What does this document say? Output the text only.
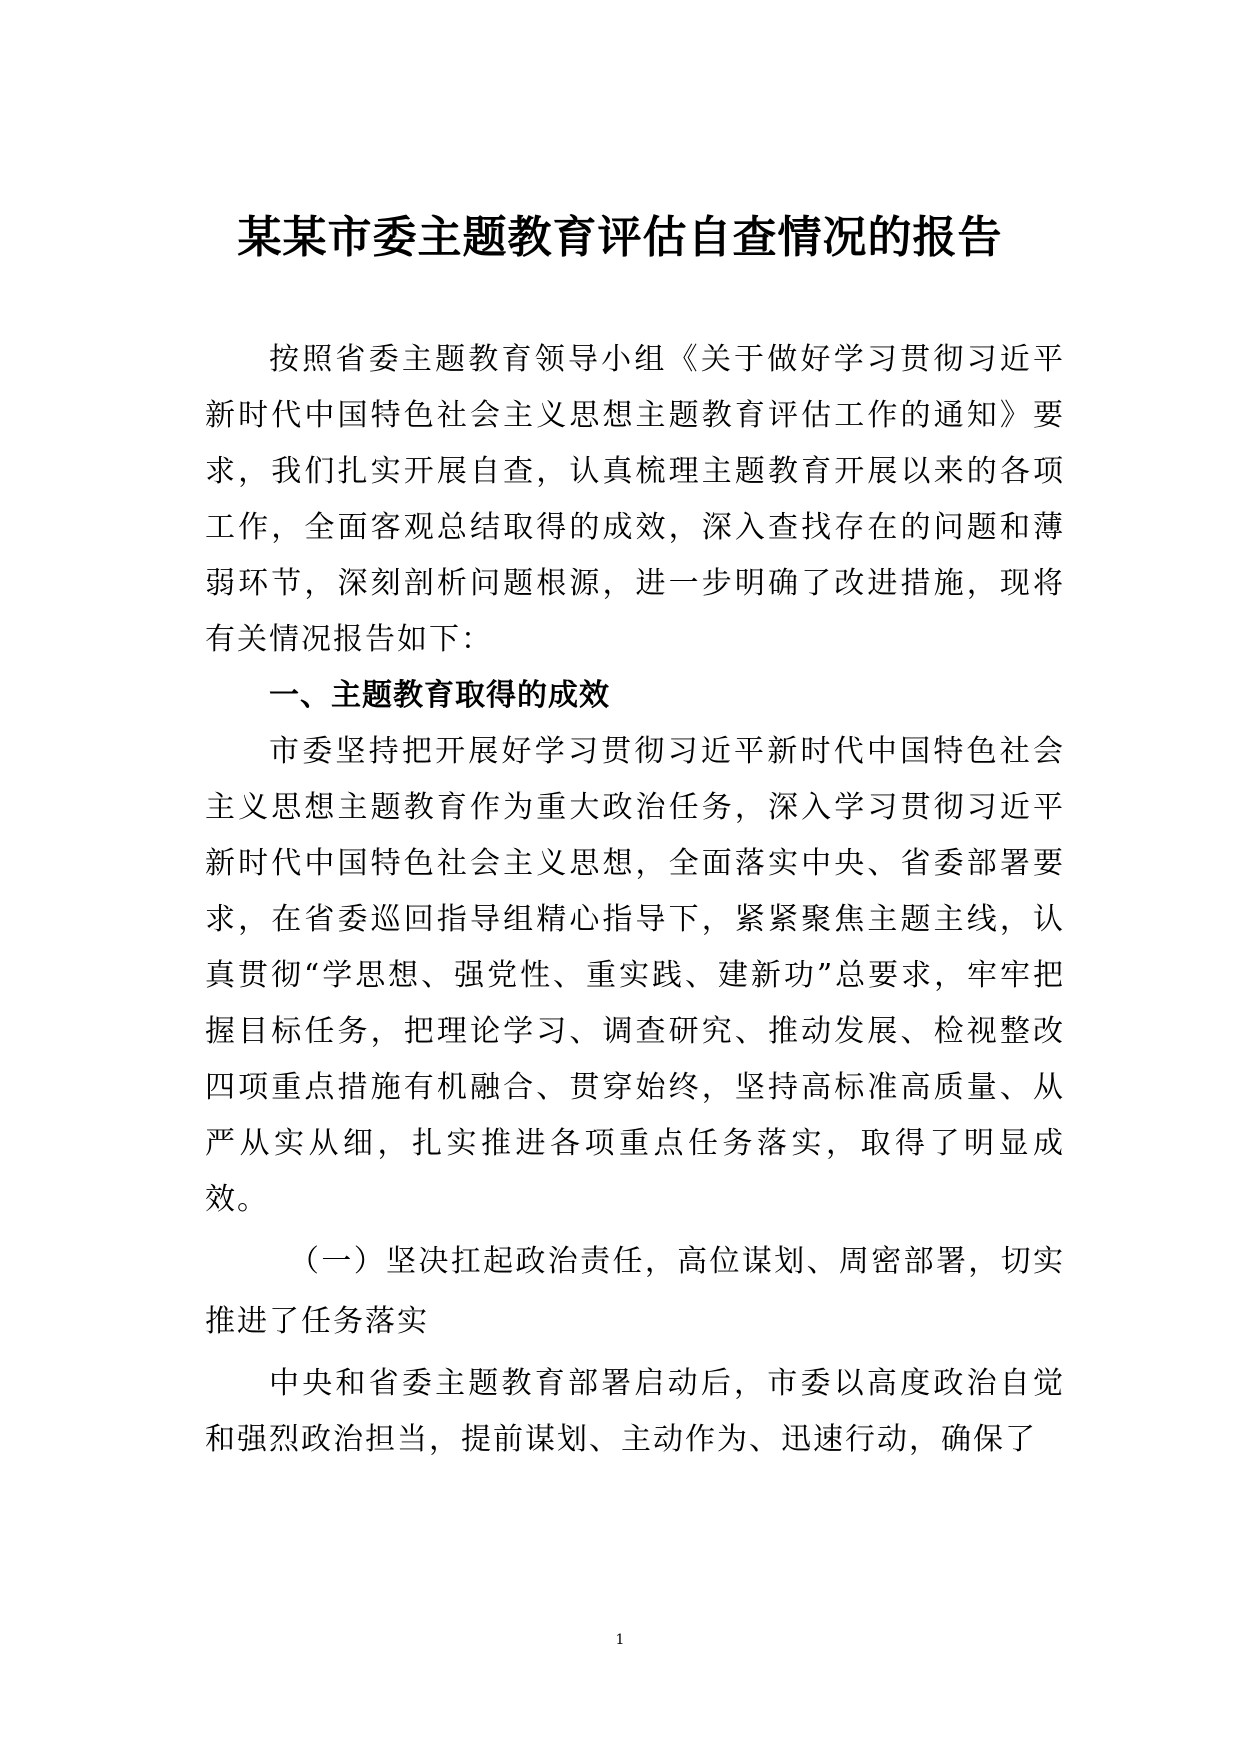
某某市委主题教育评估自查情况的报告

按照省委主题教育领导小组《关于做好学习贯彻习近平新时代中国特色社会主义思想主题教育评估工作的通知》要求，我们扎实开展自查，认真梳理主题教育开展以来的各项工作，全面客观总结取得的成效，深入查找存在的问题和薄弱环节，深刻剖析问题根源，进一步明确了改进措施，现将有关情况报告如下：

一、主题教育取得的成效

市委坚持把开展好学习贯彻习近平新时代中国特色社会主义思想主题教育作为重大政治任务，深入学习贯彻习近平新时代中国特色社会主义思想，全面落实中央、省委部署要求，在省委巡回指导组精心指导下，紧紧聚焦主题主线，认真贯彻“学思想、强党性、重实践、建新功”总要求，牢牢把握目标任务，把理论学习、调查研究、推动发展、检视整改四项重点措施有机融合、贯穿始终，坚持高标准高质量、从严从实从细，扎实推进各项重点任务落实，取得了明显成效。

（一）坚决扛起政治责任，高位谋划、周密部署，切实推进了任务落实

中央和省委主题教育部署启动后，市委以高度政治自觉和强烈政治担当，提前谋划、主动作为、迅速行动，确保了

1
